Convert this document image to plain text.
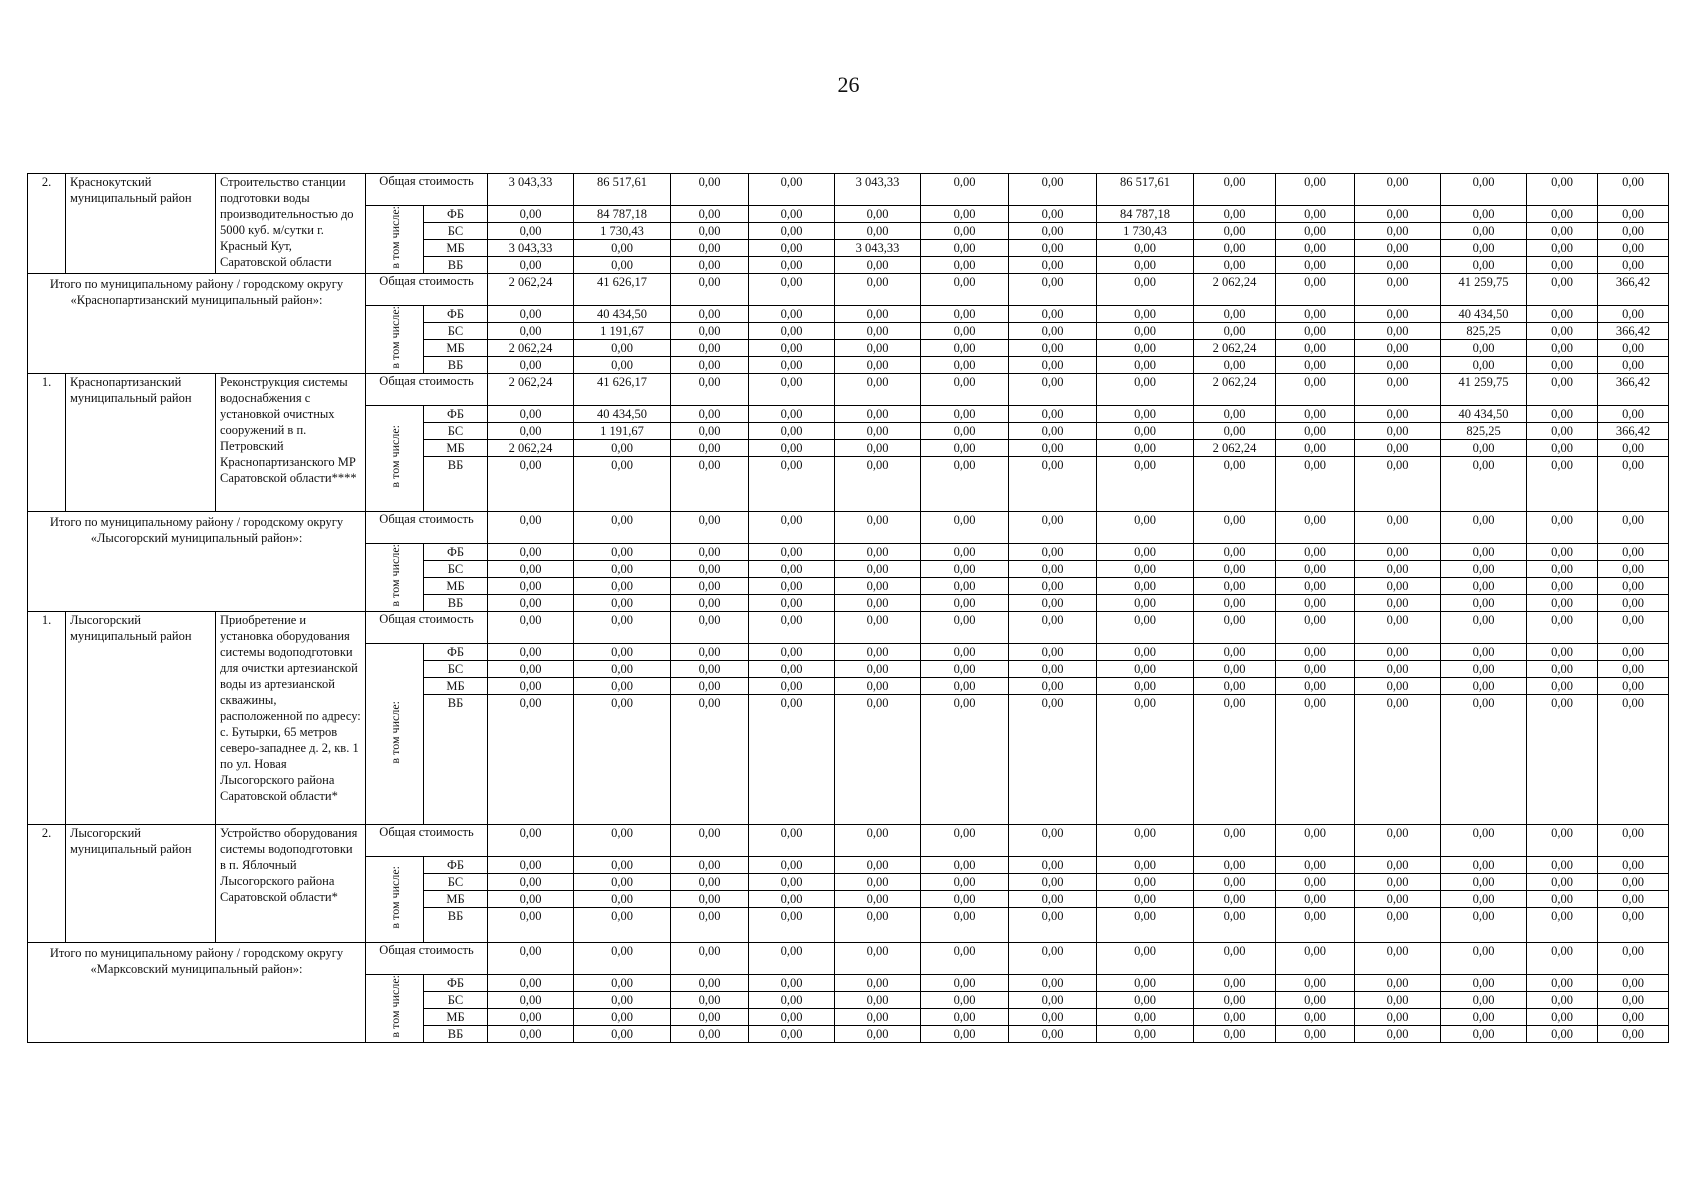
26
2.	Краснокутский муниципальный район	Строительство станции подготовки воды производительностью до 5000 куб. м/сутки г. Красный Кут, Саратовской области	Общая стоимость		3 043,33	86 517,61	0,00	0,00	3 043,33	0,00	0,00	86 517,61	0,00	0,00	0,00	0,00	0,00	0,00
			в том числе:	ФБ	0,00	84 787,18	0,00	0,00	0,00	0,00	0,00	84 787,18	0,00	0,00	0,00	0,00	0,00	0,00
				БС	0,00	1 730,43	0,00	0,00	0,00	0,00	0,00	1 730,43	0,00	0,00	0,00	0,00	0,00	0,00
				МБ	3 043,33	0,00	0,00	0,00	3 043,33	0,00	0,00	0,00	0,00	0,00	0,00	0,00	0,00	0,00
				ВБ	0,00	0,00	0,00	0,00	0,00	0,00	0,00	0,00	0,00	0,00	0,00	0,00	0,00	0,00
Итого по муниципальному району / городскому округу «Краснопартизанский муниципальный район»:			Общая стоимость		2 062,24	41 626,17	0,00	0,00	0,00	0,00	0,00	0,00	2 062,24	0,00	0,00	41 259,75	0,00	366,42
			в том числе:	ФБ	0,00	40 434,50	0,00	0,00	0,00	0,00	0,00	0,00	0,00	0,00	0,00	40 434,50	0,00	0,00
				БС	0,00	1 191,67	0,00	0,00	0,00	0,00	0,00	0,00	0,00	0,00	0,00	825,25	0,00	366,42
				МБ	2 062,24	0,00	0,00	0,00	0,00	0,00	0,00	0,00	2 062,24	0,00	0,00	0,00	0,00	0,00
				ВБ	0,00	0,00	0,00	0,00	0,00	0,00	0,00	0,00	0,00	0,00	0,00	0,00	0,00	0,00
1.	Краснопартизанский муниципальный район	Реконструкция системы водоснабжения с установкой очистных сооружений в п. Петровский Краснопартизанского МР Саратовской области****	Общая стоимость		2 062,24	41 626,17	0,00	0,00	0,00	0,00	0,00	0,00	2 062,24	0,00	0,00	41 259,75	0,00	366,42
			в том числе:	ФБ	0,00	40 434,50	0,00	0,00	0,00	0,00	0,00	0,00	0,00	0,00	0,00	40 434,50	0,00	0,00
				БС	0,00	1 191,67	0,00	0,00	0,00	0,00	0,00	0,00	0,00	0,00	0,00	825,25	0,00	366,42
				МБ	2 062,24	0,00	0,00	0,00	0,00	0,00	0,00	0,00	2 062,24	0,00	0,00	0,00	0,00	0,00
				ВБ	0,00	0,00	0,00	0,00	0,00	0,00	0,00	0,00	0,00	0,00	0,00	0,00	0,00	0,00
Итого по муниципальному району / городскому округу «Лысогорский муниципальный район»:			Общая стоимость		0,00	0,00	0,00	0,00	0,00	0,00	0,00	0,00	0,00	0,00	0,00	0,00	0,00	0,00
			в том числе:	ФБ	0,00	0,00	0,00	0,00	0,00	0,00	0,00	0,00	0,00	0,00	0,00	0,00	0,00	0,00
				БС	0,00	0,00	0,00	0,00	0,00	0,00	0,00	0,00	0,00	0,00	0,00	0,00	0,00	0,00
				МБ	0,00	0,00	0,00	0,00	0,00	0,00	0,00	0,00	0,00	0,00	0,00	0,00	0,00	0,00
				ВБ	0,00	0,00	0,00	0,00	0,00	0,00	0,00	0,00	0,00	0,00	0,00	0,00	0,00	0,00
1.	Лысогорский муниципальный район	Приобретение и установка оборудования системы водоподготовки для очистки артезианской воды из артезианской скважины, расположенной по адресу: с. Бутырки, 65 метров северо-западнее д. 2, кв. 1 по ул. Новая Лысогорского района Саратовской области*	Общая стоимость		0,00	0,00	0,00	0,00	0,00	0,00	0,00	0,00	0,00	0,00	0,00	0,00	0,00	0,00
			в том числе:	ФБ	0,00	0,00	0,00	0,00	0,00	0,00	0,00	0,00	0,00	0,00	0,00	0,00	0,00	0,00
				БС	0,00	0,00	0,00	0,00	0,00	0,00	0,00	0,00	0,00	0,00	0,00	0,00	0,00	0,00
				МБ	0,00	0,00	0,00	0,00	0,00	0,00	0,00	0,00	0,00	0,00	0,00	0,00	0,00	0,00
				ВБ	0,00	0,00	0,00	0,00	0,00	0,00	0,00	0,00	0,00	0,00	0,00	0,00	0,00	0,00
2.	Лысогорский муниципальный район	Устройство оборудования системы водоподготовки в п. Яблочный Лысогорского района Саратовской области*	Общая стоимость		0,00	0,00	0,00	0,00	0,00	0,00	0,00	0,00	0,00	0,00	0,00	0,00	0,00	0,00
			в том числе:	ФБ	0,00	0,00	0,00	0,00	0,00	0,00	0,00	0,00	0,00	0,00	0,00	0,00	0,00	0,00
				БС	0,00	0,00	0,00	0,00	0,00	0,00	0,00	0,00	0,00	0,00	0,00	0,00	0,00	0,00
				МБ	0,00	0,00	0,00	0,00	0,00	0,00	0,00	0,00	0,00	0,00	0,00	0,00	0,00	0,00
				ВБ	0,00	0,00	0,00	0,00	0,00	0,00	0,00	0,00	0,00	0,00	0,00	0,00	0,00	0,00
Итого по муниципальному району / городскому округу «Марксовский муниципальный район»:			Общая стоимость		0,00	0,00	0,00	0,00	0,00	0,00	0,00	0,00	0,00	0,00	0,00	0,00	0,00	0,00
			в том числе:	ФБ	0,00	0,00	0,00	0,00	0,00	0,00	0,00	0,00	0,00	0,00	0,00	0,00	0,00	0,00
				БС	0,00	0,00	0,00	0,00	0,00	0,00	0,00	0,00	0,00	0,00	0,00	0,00	0,00	0,00
				МБ	0,00	0,00	0,00	0,00	0,00	0,00	0,00	0,00	0,00	0,00	0,00	0,00	0,00	0,00
				ВБ	0,00	0,00	0,00	0,00	0,00	0,00	0,00	0,00	0,00	0,00	0,00	0,00	0,00	0,00
